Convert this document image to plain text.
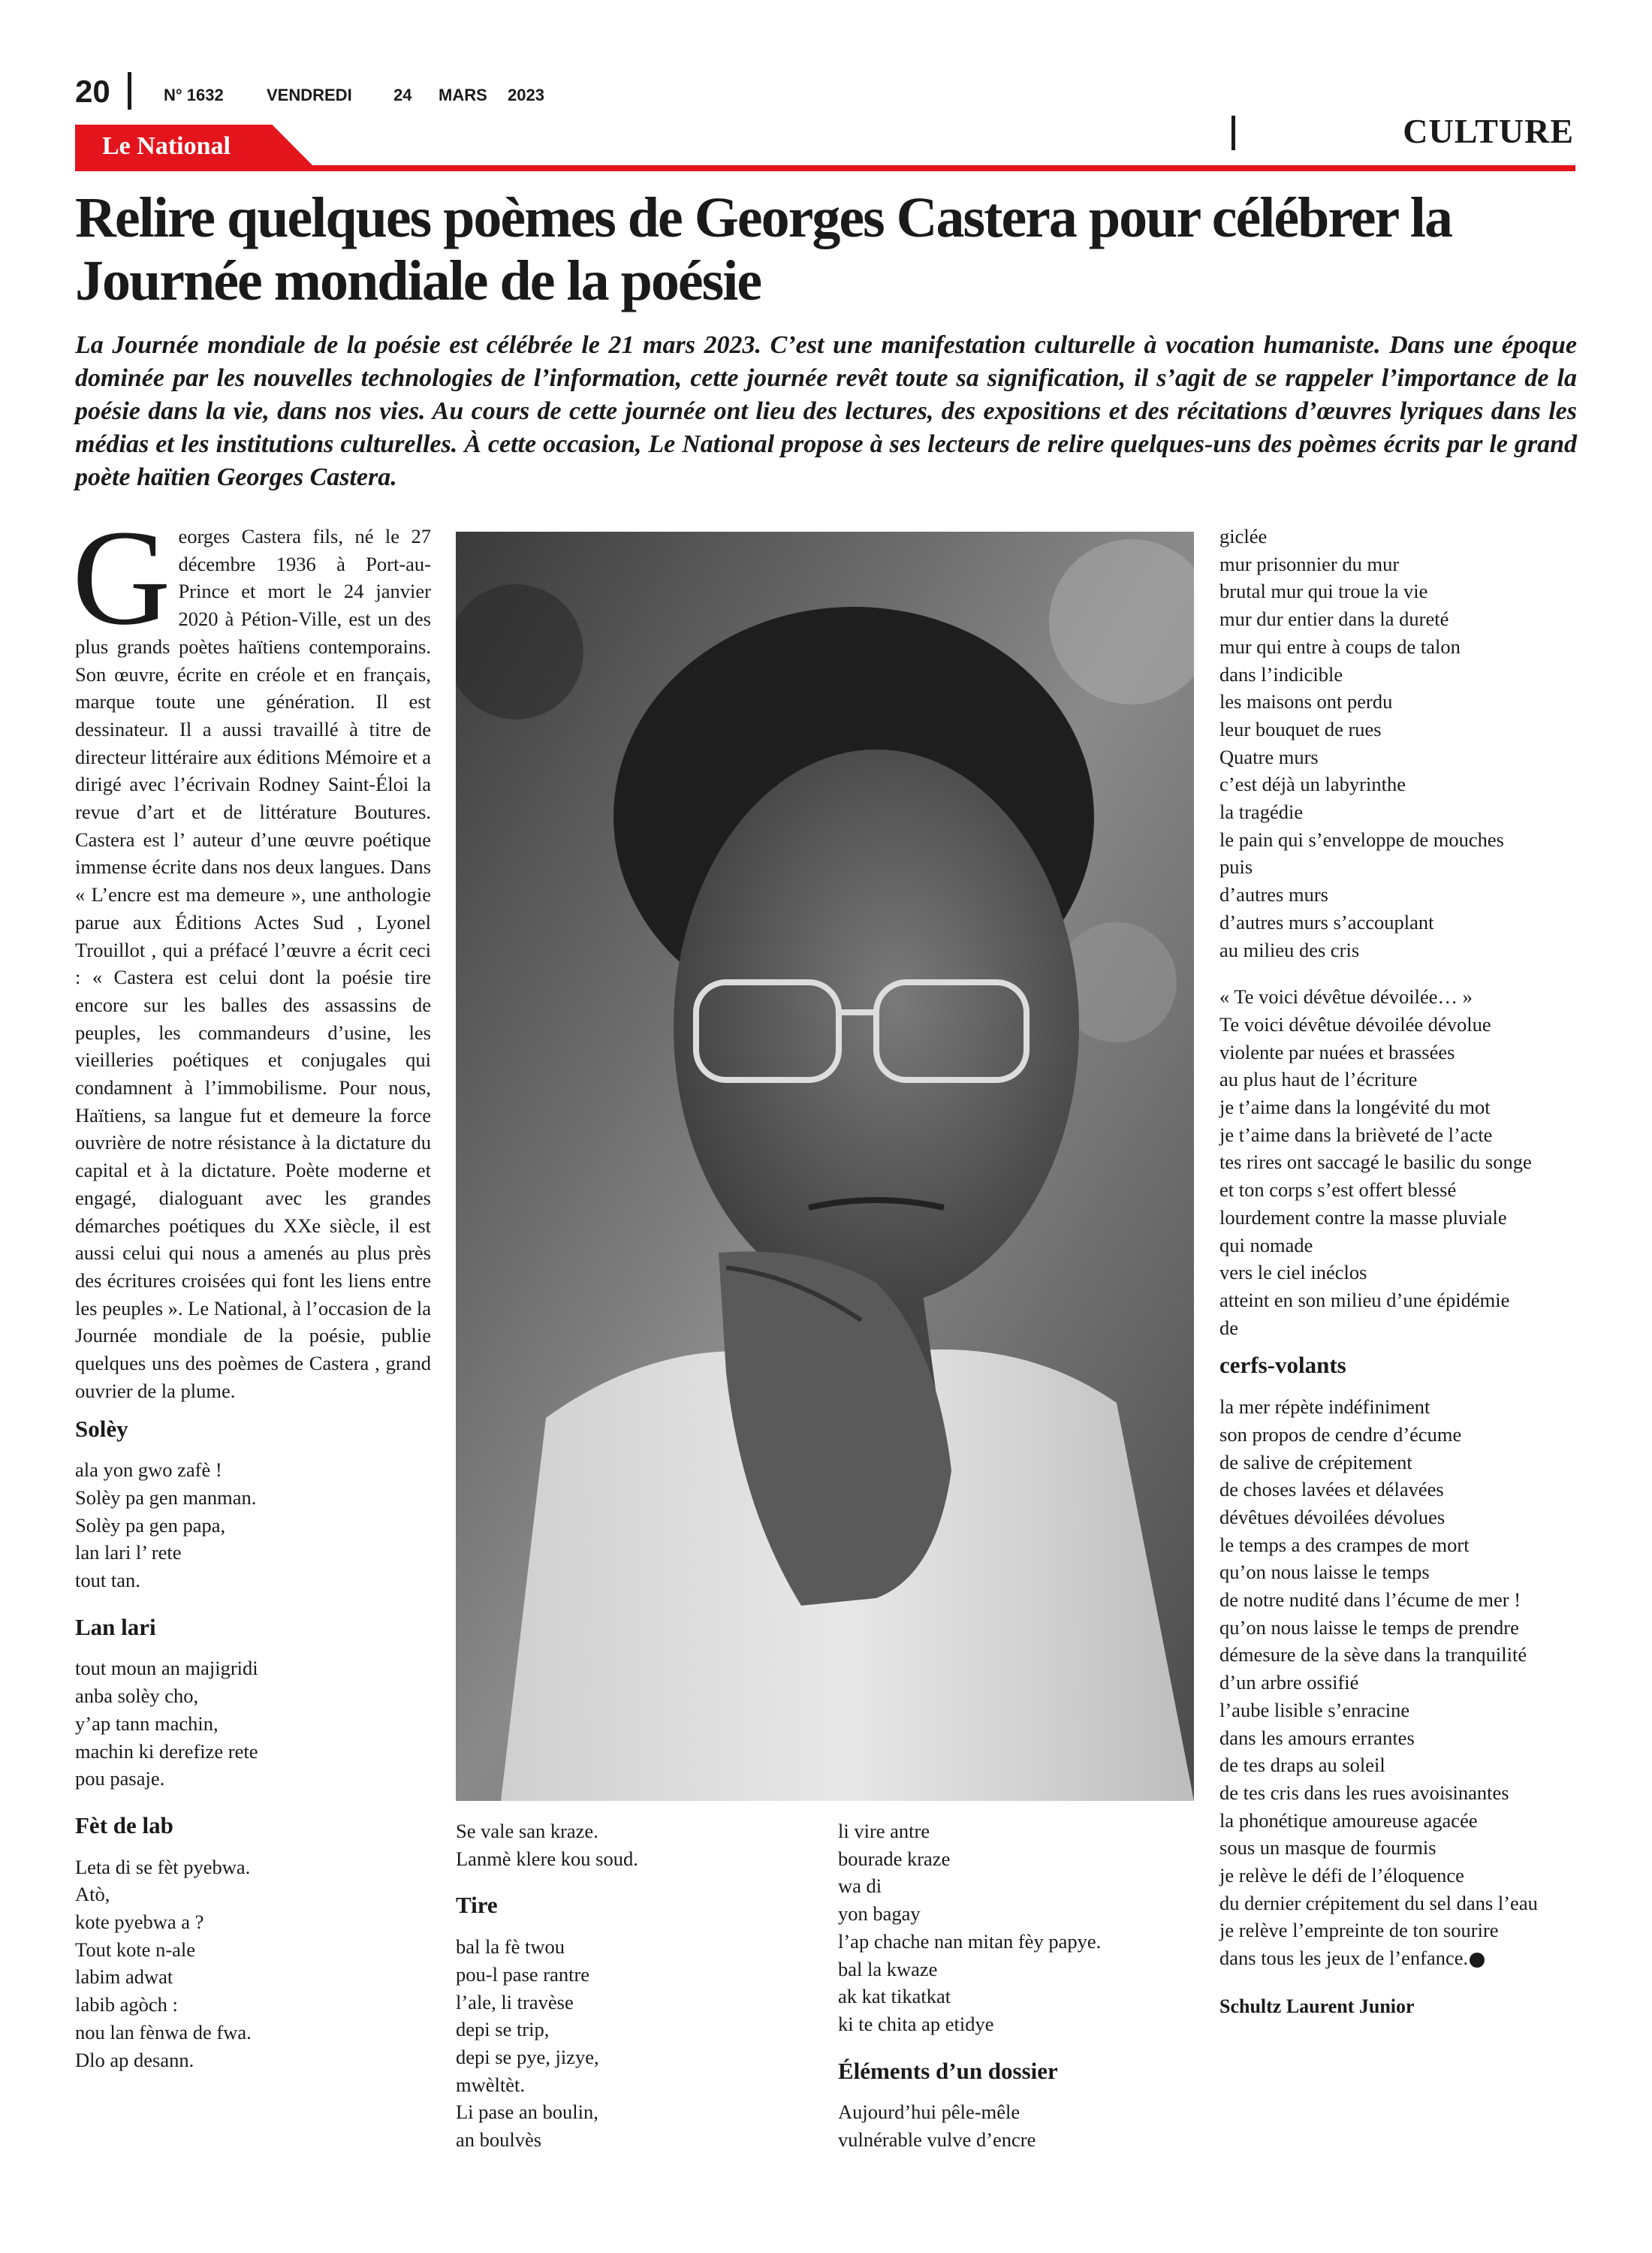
20	N° 1632	VENDREDI	24 MARS 2023
CULTURE
Le National
Relire quelques poèmes de Georges Castera pour célébrer la Journée mondiale de la poésie

La Journée mondiale de la poésie est célébrée le 21 mars 2023. C’est une manifestation culturelle à vocation humaniste. Dans une époque dominée par les nouvelles technologies de l’information, cette journée revêt toute sa signification, il s’agit de se rappeler l’importance de la poésie dans la vie, dans nos vies. Au cours de cette journée ont lieu des lectures, des expositions et des récitations d’œuvres lyriques dans les médias et les institutions culturelles. À cette occasion, Le National propose à ses lecteurs de relire quelques-uns des poèmes écrits par le grand poète haïtien Georges Castera.

Georges Castera fils, né le 27 décembre 1936 à Port-au-Prince et mort le 24 janvier 2020 à Pétion-Ville, est un des plus grands poètes haïtiens contemporains. Son œuvre, écrite en créole et en français, marque toute une génération. Il est dessinateur. Il a aussi travaillé à titre de directeur littéraire aux éditions Mémoire et a dirigé avec l’écrivain Rodney Saint-Éloi la revue d’art et de littérature Boutures. Castera est l’ auteur d’une œuvre poétique immense écrite dans nos deux langues. Dans « L’encre est ma demeure », une anthologie parue aux Éditions Actes Sud , Lyonel Trouillot , qui a préfacé l’œuvre a écrit ceci : « Castera est celui dont la poésie tire encore sur les balles des assassins de peuples, les commandeurs d’usine, les vieilleries poétiques et conjugales qui condamnent à l’immobilisme. Pour nous, Haïtiens, sa langue fut et demeure la force ouvrière de notre résistance à la dictature du capital et à la dictature. Poète moderne et engagé, dialoguant avec les grandes démarches poétiques du XXe siècle, il est aussi celui qui nous a amenés au plus près des écritures croisées qui font les liens entre les peuples ». Le National, à l’occasion de la Journée mondiale de la poésie, publie quelques uns des poèmes de Castera , grand ouvrier de la plume.

Solèy
ala yon gwo zafè !
Solèy pa gen manman.
Solèy pa gen papa,
lan lari l’ rete
tout tan.
Lan lari
tout moun an majigridi
anba solèy cho,
y’ap tann machin,
machin ki derefize rete
pou pasaje.
Fèt de lab
Leta di se fèt pyebwa.
Atò,
kote pyebwa a ?
Tout kote n-ale
labim adwat
labib agòch :
nou lan fènwa de fwa.
Dlo ap desann.
Se vale san kraze.
Lanmè klere kou soud.
Tire
bal la fè twou
pou-l pase rantre
l’ale, li travèse
depi se trip,
depi se pye, jizye,
mwèltèt.
Li pase an boulin,
an boulvès
li vire antre
bourade kraze
wa di
yon bagay
l’ap chache nan mitan fèy papye.
bal la kwaze
ak kat tikatkat
ki te chita ap etidye
Éléments d’un dossier
Aujourd’hui pêle-mêle
vulnérable vulve d’encre
giclée
mur prisonnier du mur
brutal mur qui troue la vie
mur dur entier dans la dureté
mur qui entre à coups de talon
dans l’indicible
les maisons ont perdu
leur bouquet de rues
Quatre murs
c’est déjà un labyrinthe
la tragédie
le pain qui s’enveloppe de mouches
puis
d’autres murs
d’autres murs s’accouplant
au milieu des cris
« Te voici dévêtue dévoilée… »
Te voici dévêtue dévoilée dévolue
violente par nuées et brassées
au plus haut de l’écriture
je t’aime dans la longévité du mot
je t’aime dans la brièveté de l’acte
tes rires ont saccagé le basilic du songe
et ton corps s’est offert blessé
lourdement contre la masse pluviale
qui nomade
vers le ciel inéclos
atteint en son milieu d’une épidémie
de
cerfs-volants
la mer répète indéfiniment
son propos de cendre d’écume
de salive de crépitement
de choses lavées et délavées
dévêtues dévoilées dévolues
le temps a des crampes de mort
qu’on nous laisse le temps
de notre nudité dans l’écume de mer !
qu’on nous laisse le temps de prendre
démesure de la sève dans la tranquilité
d’un arbre ossifié
l’aube lisible s’enracine
dans les amours errantes
de tes draps au soleil
de tes cris dans les rues avoisinantes
la phonétique amoureuse agacée
sous un masque de fourmis
je relève le défi de l’éloquence
du dernier crépitement du sel dans l’eau
je relève l’empreinte de ton sourire
dans tous les jeux de l’enfance.
Schultz Laurent Junior
